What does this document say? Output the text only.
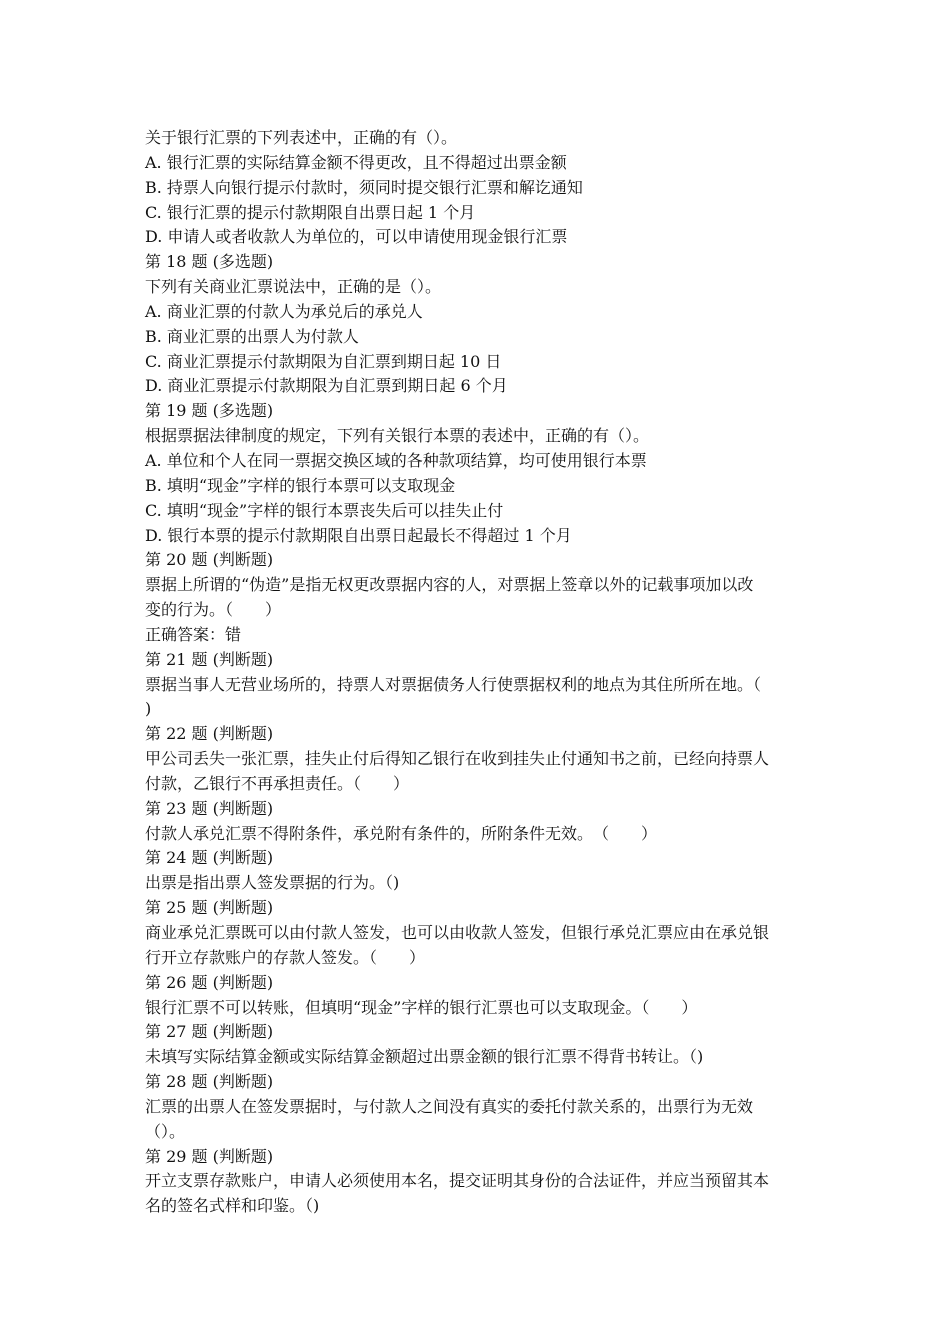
关于银行汇票的下列表述中，正确的有（）。
A. 银行汇票的实际结算金额不得更改，且不得超过出票金额
B. 持票人向银行提示付款时，须同时提交银行汇票和解讫通知
C. 银行汇票的提示付款期限自出票日起 1 个月
D. 申请人或者收款人为单位的，可以申请使用现金银行汇票
第 18 题 (多选题)
下列有关商业汇票说法中，正确的是（）。
A. 商业汇票的付款人为承兑后的承兑人
B. 商业汇票的出票人为付款人
C. 商业汇票提示付款期限为自汇票到期日起 10 日
D. 商业汇票提示付款期限为自汇票到期日起 6 个月
第 19 题 (多选题)
根据票据法律制度的规定，下列有关银行本票的表述中，正确的有（）。
A. 单位和个人在同一票据交换区域的各种款项结算，均可使用银行本票
B. 填明“现金”字样的银行本票可以支取现金
C. 填明“现金”字样的银行本票丧失后可以挂失止付
D. 银行本票的提示付款期限自出票日起最长不得超过 1 个月
第 20 题 (判断题)
票据上所谓的“伪造”是指无权更改票据内容的人，对票据上签章以外的记载事项加以改
变的行为。（　　）
正确答案：错
第 21 题 (判断题)
票据当事人无营业场所的，持票人对票据债务人行使票据权利的地点为其住所所在地。（
)
第 22 题 (判断题)
甲公司丢失一张汇票，挂失止付后得知乙银行在收到挂失止付通知书之前，已经向持票人
付款，乙银行不再承担责任。（　　）
第 23 题 (判断题)
付款人承兑汇票不得附条件，承兑附有条件的，所附条件无效。　（　　）
第 24 题 (判断题)
出票是指出票人签发票据的行为。（)
第 25 题 (判断题)
商业承兑汇票既可以由付款人签发，也可以由收款人签发，但银行承兑汇票应由在承兑银
行开立存款账户的存款人签发。（　　）
第 26 题 (判断题)
银行汇票不可以转账，但填明“现金”字样的银行汇票也可以支取现金。（　　）
第 27 题 (判断题)
未填写实际结算金额或实际结算金额超过出票金额的银行汇票不得背书转让。（)
第 28 题 (判断题)
汇票的出票人在签发票据时，与付款人之间没有真实的委托付款关系的，出票行为无效
（）。
第 29 题 (判断题)
开立支票存款账户，申请人必须使用本名，提交证明其身份的合法证件，并应当预留其本
名的签名式样和印鉴。（)
